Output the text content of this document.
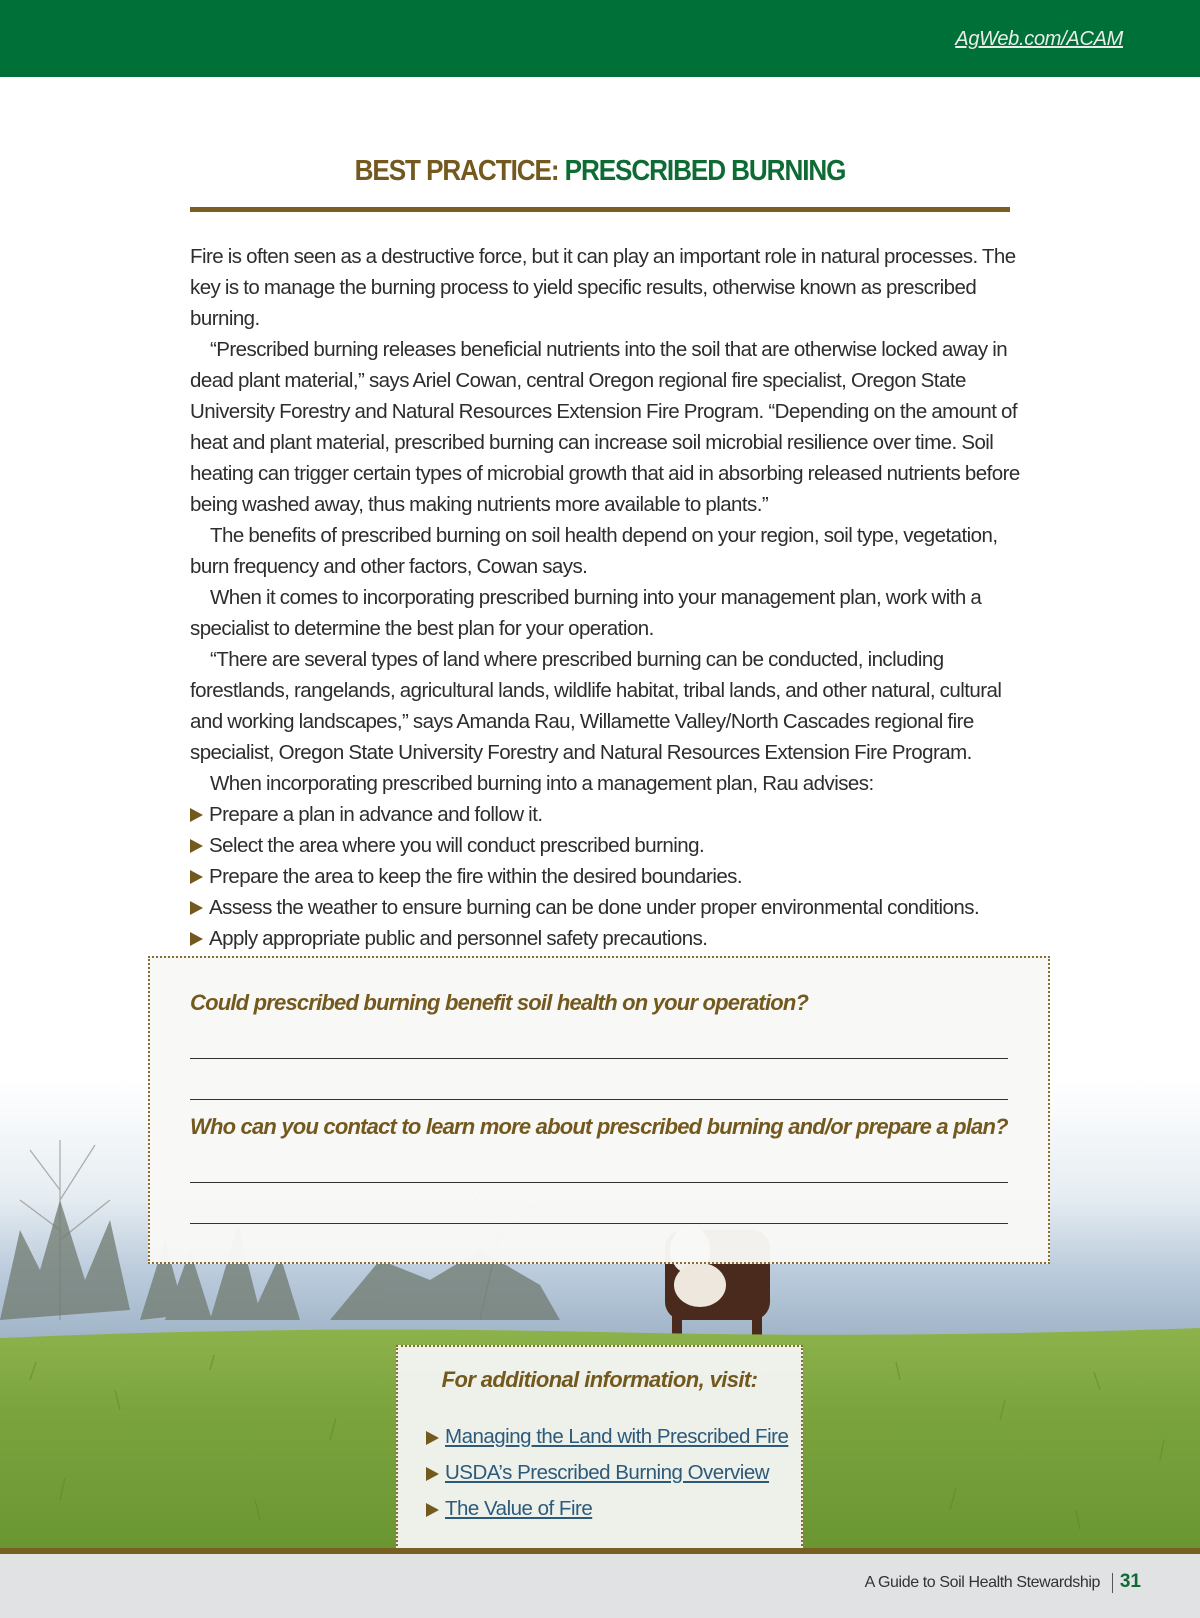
AgWeb.com/ACAM
BEST PRACTICE: PRESCRIBED BURNING

Fire is often seen as a destructive force, but it can play an important role in natural processes. The key is to manage the burning process to yield specific results, otherwise known as prescribed burning.

“Prescribed burning releases beneficial nutrients into the soil that are otherwise locked away in dead plant material,” says Ariel Cowan, central Oregon regional fire specialist, Oregon State University Forestry and Natural Resources Extension Fire Program. “Depending on the amount of heat and plant material, prescribed burning can increase soil microbial resilience over time. Soil heating can trigger certain types of microbial growth that aid in absorbing released nutrients before being washed away, thus making nutrients more available to plants.”

The benefits of prescribed burning on soil health depend on your region, soil type, vegetation, burn frequency and other factors, Cowan says.

When it comes to incorporating prescribed burning into your management plan, work with a specialist to determine the best plan for your operation.

“There are several types of land where prescribed burning can be conducted, including forestlands, rangelands, agricultural lands, wildlife habitat, tribal lands, and other natural, cultural and working landscapes,” says Amanda Rau, Willamette Valley/North Cascades regional fire specialist, Oregon State University Forestry and Natural Resources Extension Fire Program.

When incorporating prescribed burning into a management plan, Rau advises:

Prepare a plan in advance and follow it.
Select the area where you will conduct prescribed burning.
Prepare the area to keep the fire within the desired boundaries.
Assess the weather to ensure burning can be done under proper environmental conditions.
Apply appropriate public and personnel safety precautions.
Could prescribed burning benefit soil health on your operation?
Who can you contact to learn more about prescribed burning and/or prepare a plan?
For additional information, visit:
Managing the Land with Prescribed Fire
USDA’s Prescribed Burning Overview
The Value of Fire
A Guide to Soil Health Stewardship 31
